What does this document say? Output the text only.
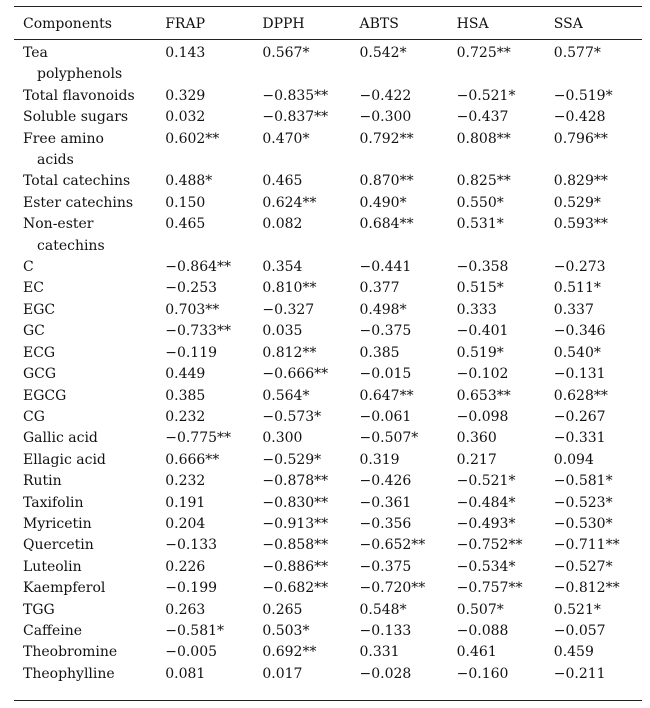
Components	FRAP	DPPH	ABTS	HSA	SSA

Tea
polyphenols	0.143	0.567*	0.542*	0.725**	0.577*

Total flavonoids	0.329	−0.835**	−0.422	−0.521*	−0.519*

Soluble sugars	0.032	−0.837**	−0.300	−0.437	−0.428

Free amino
acids	0.602**	0.470*	0.792**	0.808**	0.796**

Total catechins	0.488*	0.465	0.870**	0.825**	0.829**

Ester catechins	0.150	0.624**	0.490*	0.550*	0.529*

Non-ester
catechins	0.465	0.082	0.684**	0.531*	0.593**

C	−0.864**	0.354	−0.441	−0.358	−0.273

EC	−0.253	0.810**	0.377	0.515*	0.511*

EGC	0.703**	−0.327	0.498*	0.333	0.337

GC	−0.733**	0.035	−0.375	−0.401	−0.346

ECG	−0.119	0.812**	0.385	0.519*	0.540*

GCG	0.449	−0.666**	−0.015	−0.102	−0.131

EGCG	0.385	0.564*	0.647**	0.653**	0.628**

CG	0.232	−0.573*	−0.061	−0.098	−0.267

Gallic acid	−0.775**	0.300	−0.507*	0.360	−0.331

Ellagic acid	0.666**	−0.529*	0.319	0.217	0.094

Rutin	0.232	−0.878**	−0.426	−0.521*	−0.581*

Taxifolin	0.191	−0.830**	−0.361	−0.484*	−0.523*

Myricetin	0.204	−0.913**	−0.356	−0.493*	−0.530*

Quercetin	−0.133	−0.858**	−0.652**	−0.752**	−0.711**

Luteolin	0.226	−0.886**	−0.375	−0.534*	−0.527*

Kaempferol	−0.199	−0.682**	−0.720**	−0.757**	−0.812**

TGG	0.263	0.265	0.548*	0.507*	0.521*

Caffeine	−0.581*	0.503*	−0.133	−0.088	−0.057

Theobromine	−0.005	0.692**	0.331	0.461	0.459

Theophylline	0.081	0.017	−0.028	−0.160	−0.211
